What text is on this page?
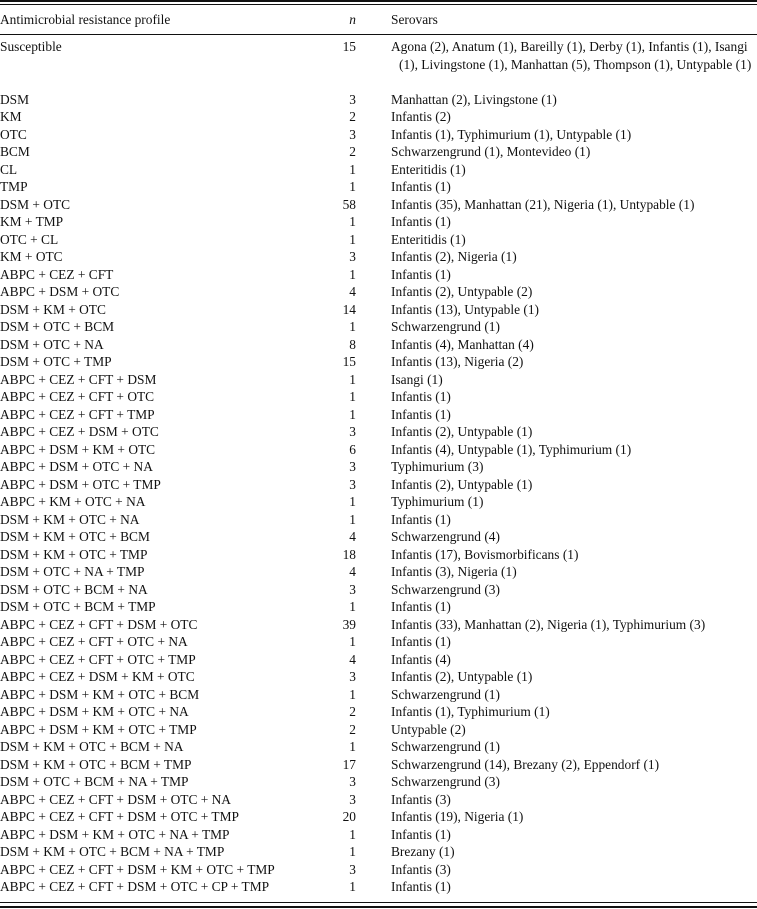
Antimicrobial resistance profile	n	Serovars
Susceptible	15	Agona (2), Anatum (1), Bareilly (1), Derby (1), Infantis (1), Isangi (1), Livingstone (1), Manhattan (5), Thompson (1), Untypable (1)
DSM	3	Manhattan (2), Livingstone (1)
KM	2	Infantis (2)
OTC	3	Infantis (1), Typhimurium (1), Untypable (1)
BCM	2	Schwarzengrund (1), Montevideo (1)
CL	1	Enteritidis (1)
TMP	1	Infantis (1)
DSM + OTC	58	Infantis (35), Manhattan (21), Nigeria (1), Untypable (1)
KM + TMP	1	Infantis (1)
OTC + CL	1	Enteritidis (1)
KM + OTC	3	Infantis (2), Nigeria (1)
ABPC + CEZ + CFT	1	Infantis (1)
ABPC + DSM + OTC	4	Infantis (2), Untypable (2)
DSM + KM + OTC	14	Infantis (13), Untypable (1)
DSM + OTC + BCM	1	Schwarzengrund (1)
DSM + OTC + NA	8	Infantis (4), Manhattan (4)
DSM + OTC + TMP	15	Infantis (13), Nigeria (2)
ABPC + CEZ + CFT + DSM	1	Isangi (1)
ABPC + CEZ + CFT + OTC	1	Infantis (1)
ABPC + CEZ + CFT + TMP	1	Infantis (1)
ABPC + CEZ + DSM + OTC	3	Infantis (2), Untypable (1)
ABPC + DSM + KM + OTC	6	Infantis (4), Untypable (1), Typhimurium (1)
ABPC + DSM + OTC + NA	3	Typhimurium (3)
ABPC + DSM + OTC + TMP	3	Infantis (2), Untypable (1)
ABPC + KM + OTC + NA	1	Typhimurium (1)
DSM + KM + OTC + NA	1	Infantis (1)
DSM + KM + OTC + BCM	4	Schwarzengrund (4)
DSM + KM + OTC + TMP	18	Infantis (17), Bovismorbificans (1)
DSM + OTC + NA + TMP	4	Infantis (3), Nigeria (1)
DSM + OTC + BCM + NA	3	Schwarzengrund (3)
DSM + OTC + BCM + TMP	1	Infantis (1)
ABPC + CEZ + CFT + DSM + OTC	39	Infantis (33), Manhattan (2), Nigeria (1), Typhimurium (3)
ABPC + CEZ + CFT + OTC + NA	1	Infantis (1)
ABPC + CEZ + CFT + OTC + TMP	4	Infantis (4)
ABPC + CEZ + DSM + KM + OTC	3	Infantis (2), Untypable (1)
ABPC + DSM + KM + OTC + BCM	1	Schwarzengrund (1)
ABPC + DSM + KM + OTC + NA	2	Infantis (1), Typhimurium (1)
ABPC + DSM + KM + OTC + TMP	2	Untypable (2)
DSM + KM + OTC + BCM + NA	1	Schwarzengrund (1)
DSM + KM + OTC + BCM + TMP	17	Schwarzengrund (14), Brezany (2), Eppendorf (1)
DSM + OTC + BCM + NA + TMP	3	Schwarzengrund (3)
ABPC + CEZ + CFT + DSM + OTC + NA	3	Infantis (3)
ABPC + CEZ + CFT + DSM + OTC + TMP	20	Infantis (19), Nigeria (1)
ABPC + DSM + KM + OTC + NA + TMP	1	Infantis (1)
DSM + KM + OTC + BCM + NA + TMP	1	Brezany (1)
ABPC + CEZ + CFT + DSM + KM + OTC + TMP	3	Infantis (3)
ABPC + CEZ + CFT + DSM + OTC + CP + TMP	1	Infantis (1)
